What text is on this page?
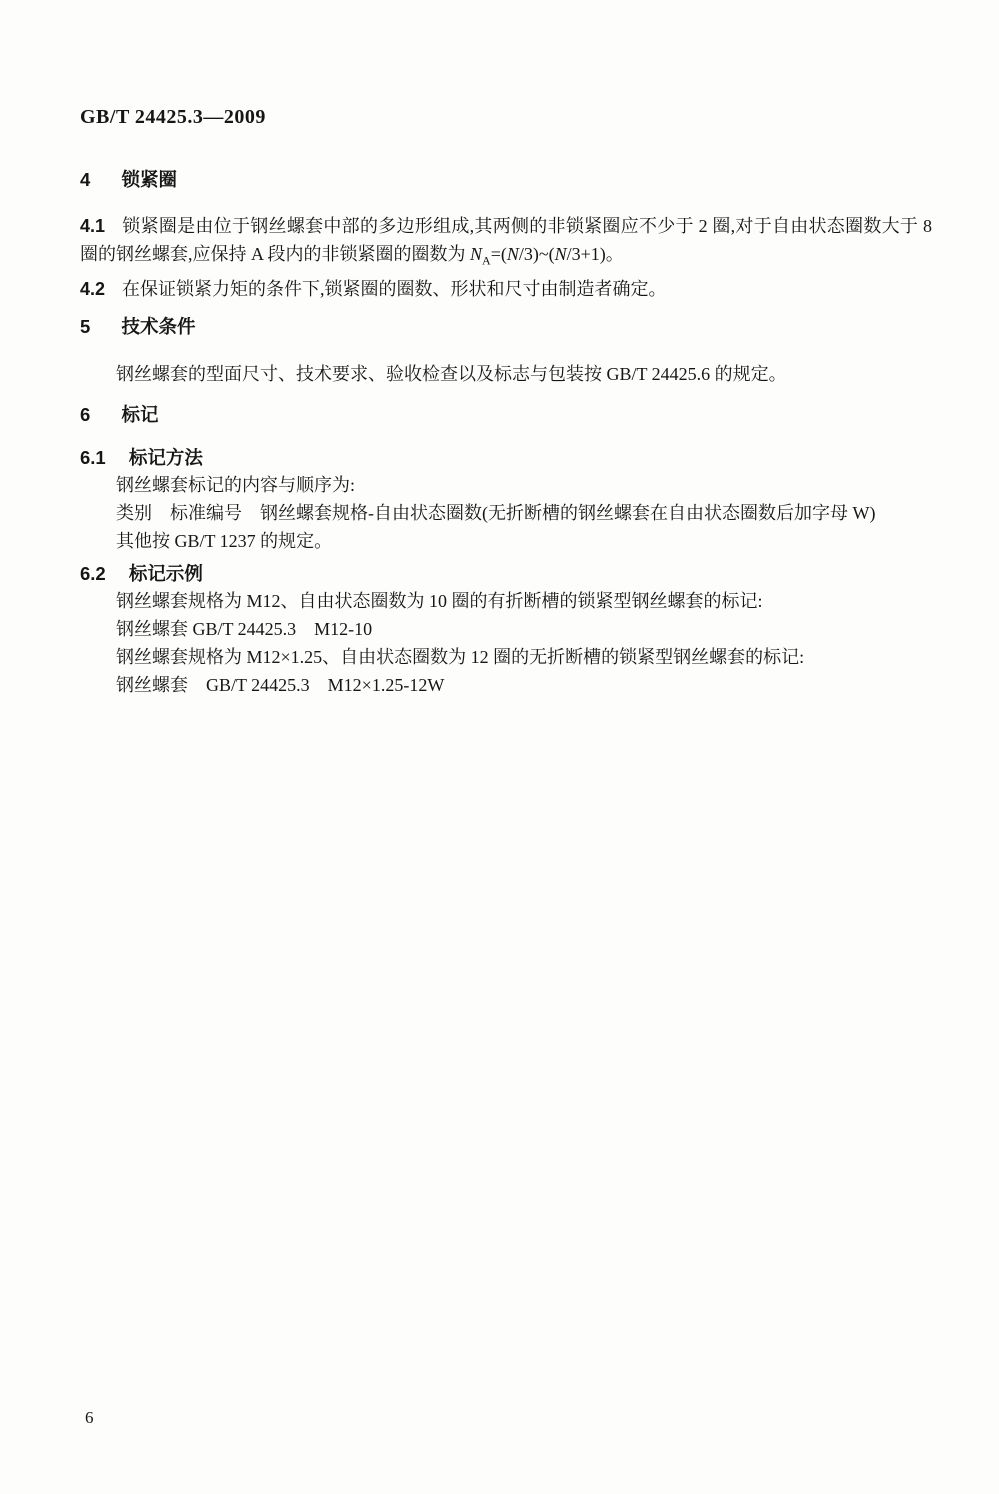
GB/T 24425.3—2009
4 锁紧圈

4.1 锁紧圈是由位于钢丝螺套中部的多边形组成,其两侧的非锁紧圈应不少于 2 圈,对于自由状态圈数大于 8 圈的钢丝螺套,应保持 A 段内的非锁紧圈的圈数为 $N_A=(N/3)\sim(N/3+1)$。

4.2 在保证锁紧力矩的条件下,锁紧圈的圈数、形状和尺寸由制造者确定。

5 技术条件

钢丝螺套的型面尺寸、技术要求、验收检查以及标志与包装按 GB/T 24425.6 的规定。

6 标记
6.1 标记方法

钢丝螺套标记的内容与顺序为:

类别　标准编号　钢丝螺套规格-自由状态圈数(无折断槽的钢丝螺套在自由状态圈数后加字母 W)

其他按 GB/T 1237 的规定。

6.2 标记示例

钢丝螺套规格为 M12、自由状态圈数为 10 圈的有折断槽的锁紧型钢丝螺套的标记:

钢丝螺套 GB/T 24425.3　M12-10

钢丝螺套规格为 M12×1.25、自由状态圈数为 12 圈的无折断槽的锁紧型钢丝螺套的标记:

钢丝螺套　GB/T 24425.3　M12×1.25-12W

6
